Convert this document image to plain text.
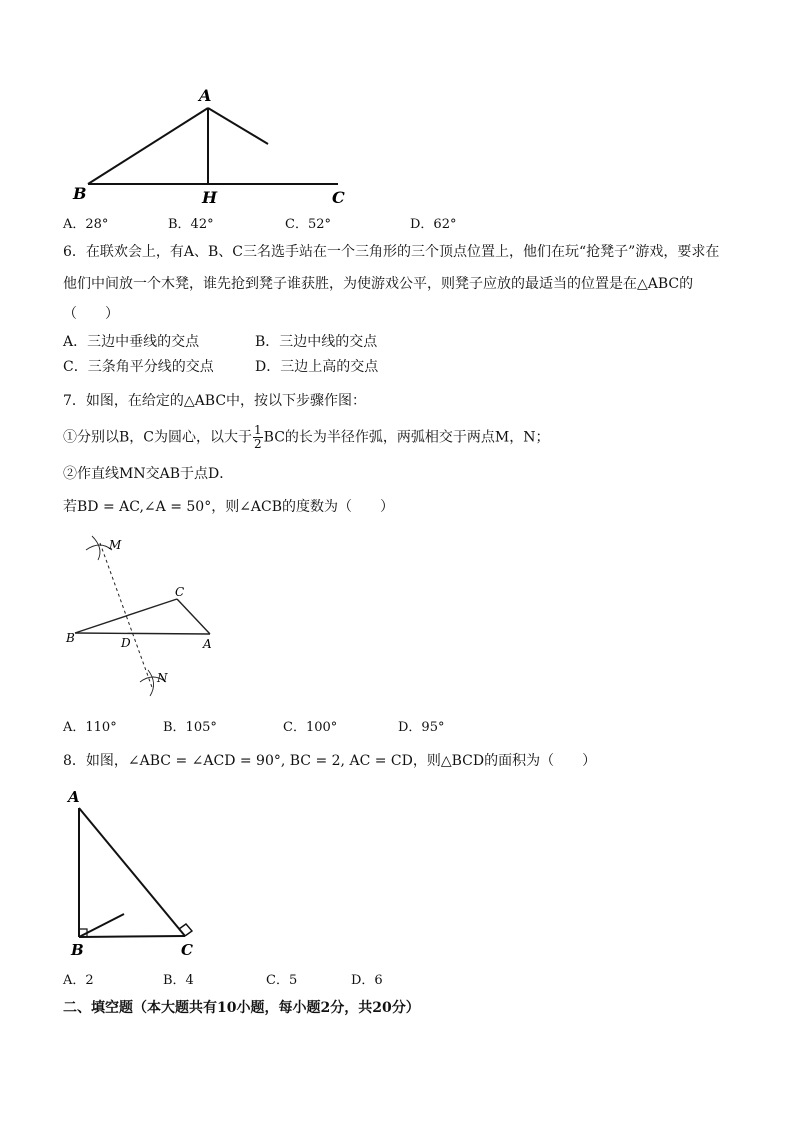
A
B	H	C
A．28°	B．42°	C．52°	D．62°
6．在联欢会上，有A、B、C三名选手站在一个三角形的三个顶点位置上，他们在玩“抢凳子”游戏，要求在
他们中间放一个木凳，谁先抢到凳子谁获胜，为使游戏公平，则凳子应放的最适当的位置是在△ABC的
（　　）
A．三边中垂线的交点	B．三边中线的交点
C．三条角平分线的交点	D．三边上高的交点
7．如图，在给定的△ABC中，按以下步骤作图：
①分别以B，C为圆心，以大于 $\frac{1}{2}$ BC的长为半径作弧，两弧相交于两点M，N；
②作直线MN交AB于点D．
若BD = AC,∠A = 50°，则∠ACB的度数为（　　）
M
C
B	D	A
N
A．110°	B．105°	C．100°	D．95°
8．如图，∠ABC = ∠ACD = 90°, BC = 2, AC = CD，则△BCD的面积为（　　）
A
B	C
A．2	B．4	C．5	D．6
二、填空题（本大题共有10小题，每小题2分，共20分）
